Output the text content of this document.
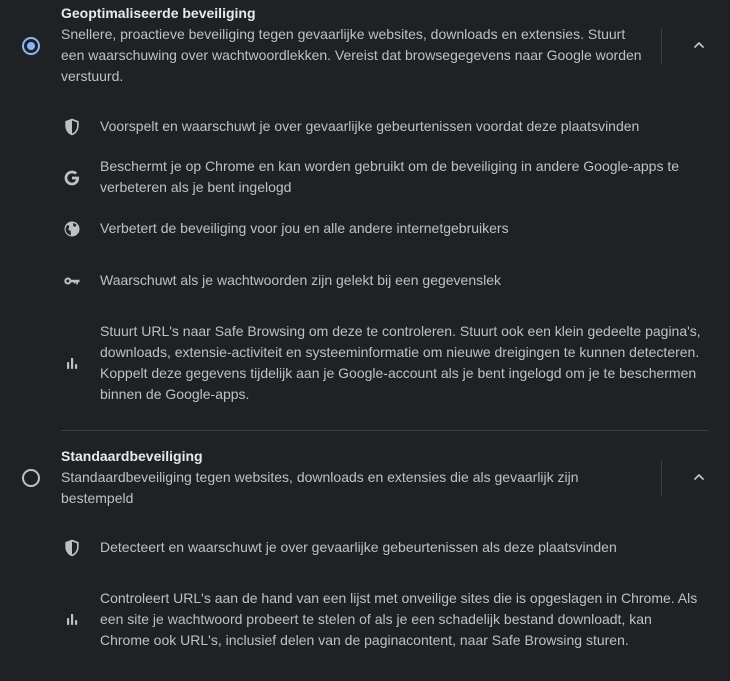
Geoptimaliseerde beveiliging
Snellere, proactieve beveiliging tegen gevaarlijke websites, downloads en extensies. Stuurt een waarschuwing over wachtwoordlekken. Vereist dat browsegegevens naar Google worden verstuurd.
Voorspelt en waarschuwt je over gevaarlijke gebeurtenissen voordat deze plaatsvinden
Beschermt je op Chrome en kan worden gebruikt om de beveiliging in andere Google-apps te verbeteren als je bent ingelogd
Verbetert de beveiliging voor jou en alle andere internetgebruikers
Waarschuwt als je wachtwoorden zijn gelekt bij een gegevenslek
Stuurt URL's naar Safe Browsing om deze te controleren. Stuurt ook een klein gedeelte pagina's, downloads, extensie-activiteit en systeeminformatie om nieuwe dreigingen te kunnen detecteren. Koppelt deze gegevens tijdelijk aan je Google-account als je bent ingelogd om je te beschermen binnen de Google-apps.
Standaardbeveiliging
Standaardbeveiliging tegen websites, downloads en extensies die als gevaarlijk zijn bestempeld
Detecteert en waarschuwt je over gevaarlijke gebeurtenissen als deze plaatsvinden
Controleert URL's aan de hand van een lijst met onveilige sites die is opgeslagen in Chrome. Als een site je wachtwoord probeert te stelen of als je een schadelijk bestand downloadt, kan Chrome ook URL's, inclusief delen van de paginacontent, naar Safe Browsing sturen.
